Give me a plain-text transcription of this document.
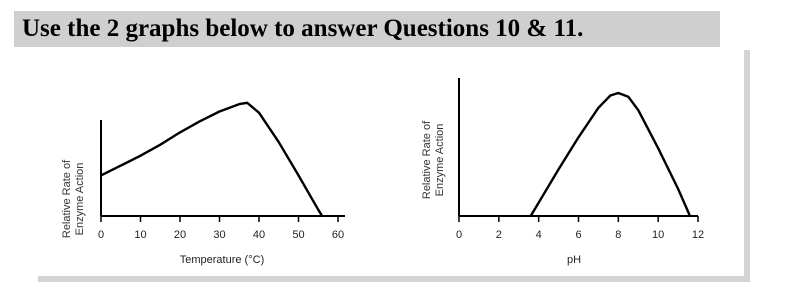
Use the 2 graphs below to answer Questions 10 & 11.
Relative Rate of Enzyme Action 0	10 20 30 40 50 60
Temperature (°C)
Relative Rate of Enzyme Action
0	2	4	6	8	10	12
pH
